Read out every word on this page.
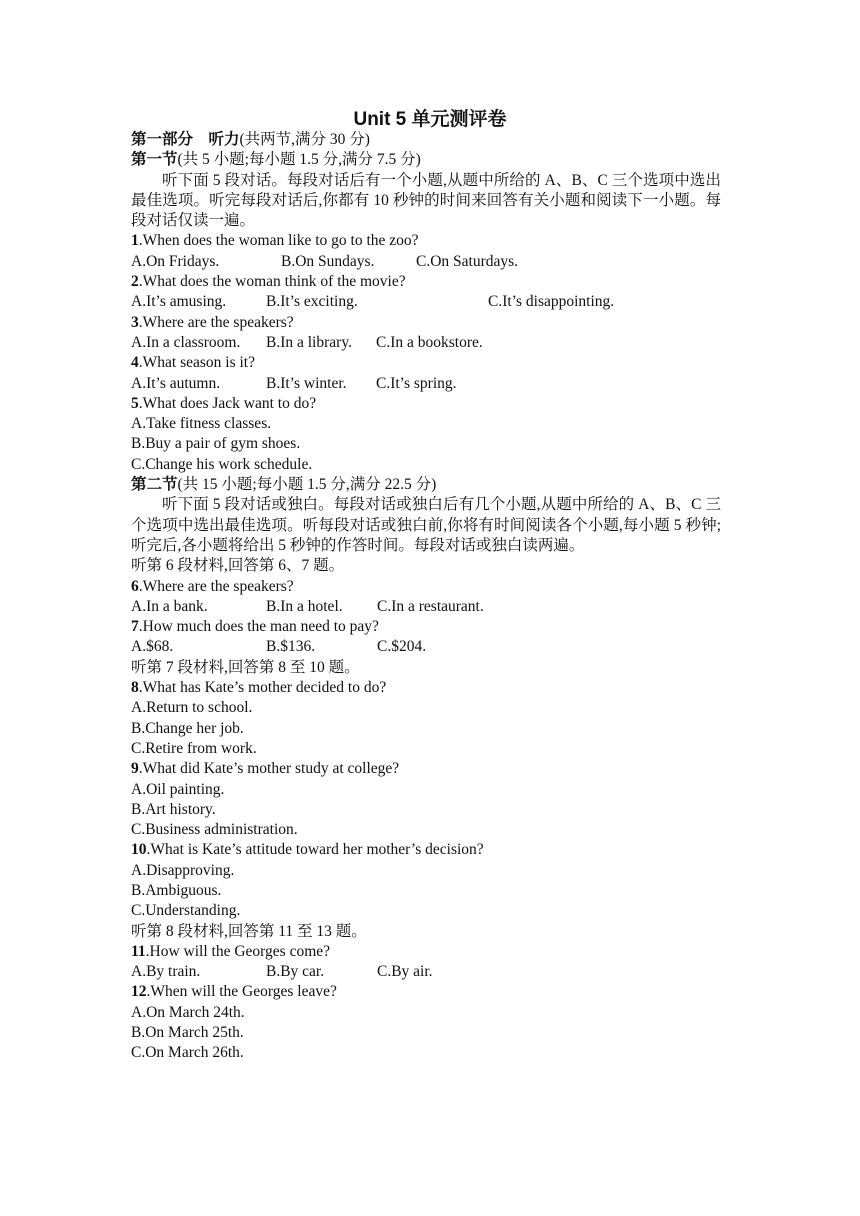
Unit 5 单元测评卷
第一部分　听力(共两节,满分 30 分)
第一节(共 5 小题;每小题 1.5 分,满分 7.5 分)
听下面 5 段对话。每段对话后有一个小题,从题中所给的 A、B、C 三个选项中选出最佳选项。听完每段对话后,你都有 10 秒钟的时间来回答有关小题和阅读下一小题。每段对话仅读一遍。
1.When does the woman like to go to the zoo?
A.On Fridays.	B.On Sundays.	C.On Saturdays.
2.What does the woman think of the movie?
A.It’s amusing.	B.It’s exciting.	C.It’s disappointing.
3.Where are the speakers?
A.In a classroom. B.In a library. C.In a bookstore.
4.What season is it?
A.It’s autumn.	B.It’s winter. C.It’s spring.
5.What does Jack want to do?
A.Take fitness classes.
B.Buy a pair of gym shoes.
C.Change his work schedule.
第二节(共 15 小题;每小题 1.5 分,满分 22.5 分)
听下面 5 段对话或独白。每段对话或独白后有几个小题,从题中所给的 A、B、C 三个选项中选出最佳选项。听每段对话或独白前,你将有时间阅读各个小题,每小题 5 秒钟;听完后,各小题将给出 5 秒钟的作答时间。每段对话或独白读两遍。
听第 6 段材料,回答第 6、7 题。
6.Where are the speakers?
A.In a bank.	B.In a hotel. C.In a restaurant.
7.How much does the man need to pay?
A.$68.	B.$136.	C.$204.
听第 7 段材料,回答第 8 至 10 题。
8.What has Kate’s mother decided to do?
A.Return to school.
B.Change her job.
C.Retire from work.
9.What did Kate’s mother study at college?
A.Oil painting.
B.Art history.
C.Business administration.
10.What is Kate’s attitude toward her mother’s decision?
A.Disapproving.
B.Ambiguous.
C.Understanding.
听第 8 段材料,回答第 11 至 13 题。
11.How will the Georges come?
A.By train.	B.By car.	C.By air.
12.When will the Georges leave?
A.On March 24th.
B.On March 25th.
C.On March 26th.
